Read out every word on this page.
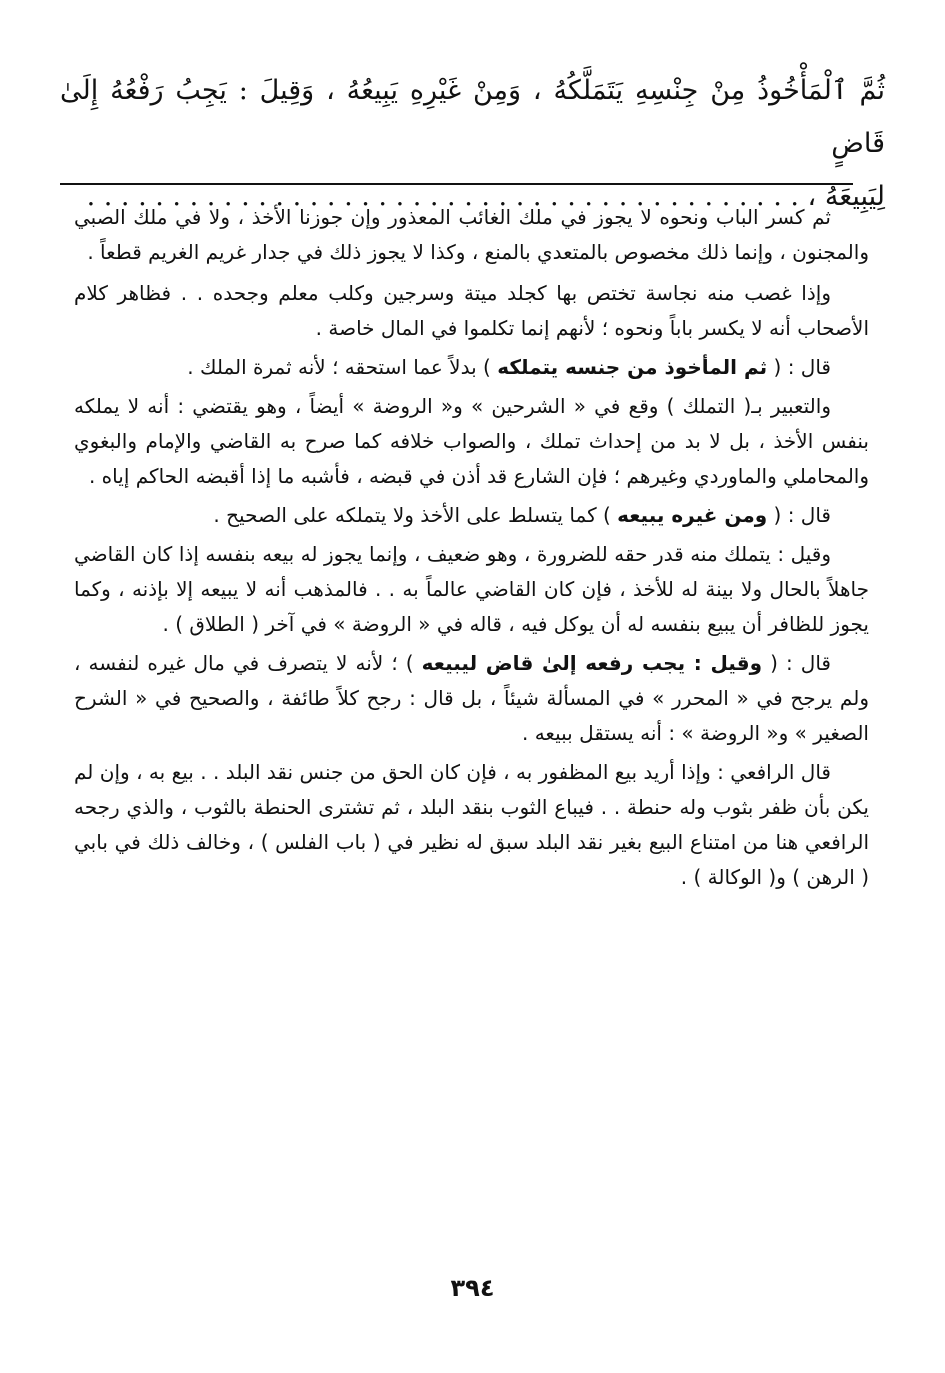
ثُمَّ ٱلْمَأْخُوذُ مِنْ جِنْسِهِ يَتَمَلَّكُهُ ، وَمِنْ غَيْرِهِ يَبِيعُهُ ، وَقِيلَ : يَجِبُ رَفْعُهُ إِلَىٰ قَاضٍ
لِيَبِيعَهُ ، . . . . . . . . . . . . . . . . . . . . . . . . . . . . . . . . . . . . . . . . . .

ثم كسر الباب ونحوه لا يجوز في ملك الغائب المعذور وإن جوزنا الأخذ ، ولا في ملك الصبي والمجنون ، وإنما ذلك مخصوص بالمتعدي بالمنع ، وكذا لا يجوز ذلك في جدار غريم الغريم قطعاً .

وإذا غصب منه نجاسة تختص بها كجلد ميتة وسرجين وكلب معلم وجحده . . فظاهر كلام الأصحاب أنه لا يكسر باباً ونحوه ؛ لأنهم إنما تكلموا في المال خاصة .

قال : ( ثم المأخوذ من جنسه يتملكه ) بدلاً عما استحقه ؛ لأنه ثمرة الملك .

والتعبير بـ( التملك ) وقع في « الشرحين » و« الروضة » أيضاً ، وهو يقتضي : أنه لا يملكه بنفس الأخذ ، بل لا بد من إحداث تملك ، والصواب خلافه كما صرح به القاضي والإمام والبغوي والمحاملي والماوردي وغيرهم ؛ فإن الشارع قد أذن في قبضه ، فأشبه ما إذا أقبضه الحاكم إياه .

قال : ( ومن غيره يبيعه ) كما يتسلط على الأخذ ولا يتملكه على الصحيح .

وقيل : يتملك منه قدر حقه للضرورة ، وهو ضعيف ، وإنما يجوز له بيعه بنفسه إذا كان القاضي جاهلاً بالحال ولا بينة له للأخذ ، فإن كان القاضي عالماً به . . فالمذهب أنه لا يبيعه إلا بإذنه ، وكما يجوز للظافر أن يبيع بنفسه له أن يوكل فيه ، قاله في « الروضة » في آخر ( الطلاق ) .

قال : ( وقيل : يجب رفعه إلىٰ قاض ليبيعه ) ؛ لأنه لا يتصرف في مال غيره لنفسه ، ولم يرجح في « المحرر » في المسألة شيئاً ، بل قال : رجح كلاً طائفة ، والصحيح في « الشرح الصغير » و« الروضة » : أنه يستقل ببيعه .

قال الرافعي : وإذا أريد بيع المظفور به ، فإن كان الحق من جنس نقد البلد . . بيع به ، وإن لم يكن بأن ظفر بثوب وله حنطة . . فيباع الثوب بنقد البلد ، ثم تشترى الحنطة بالثوب ، والذي رجحه الرافعي هنا من امتناع البيع بغير نقد البلد سبق له نظير في ( باب الفلس ) ، وخالف ذلك في بابي ( الرهن ) و( الوكالة ) .

٣٩٤
